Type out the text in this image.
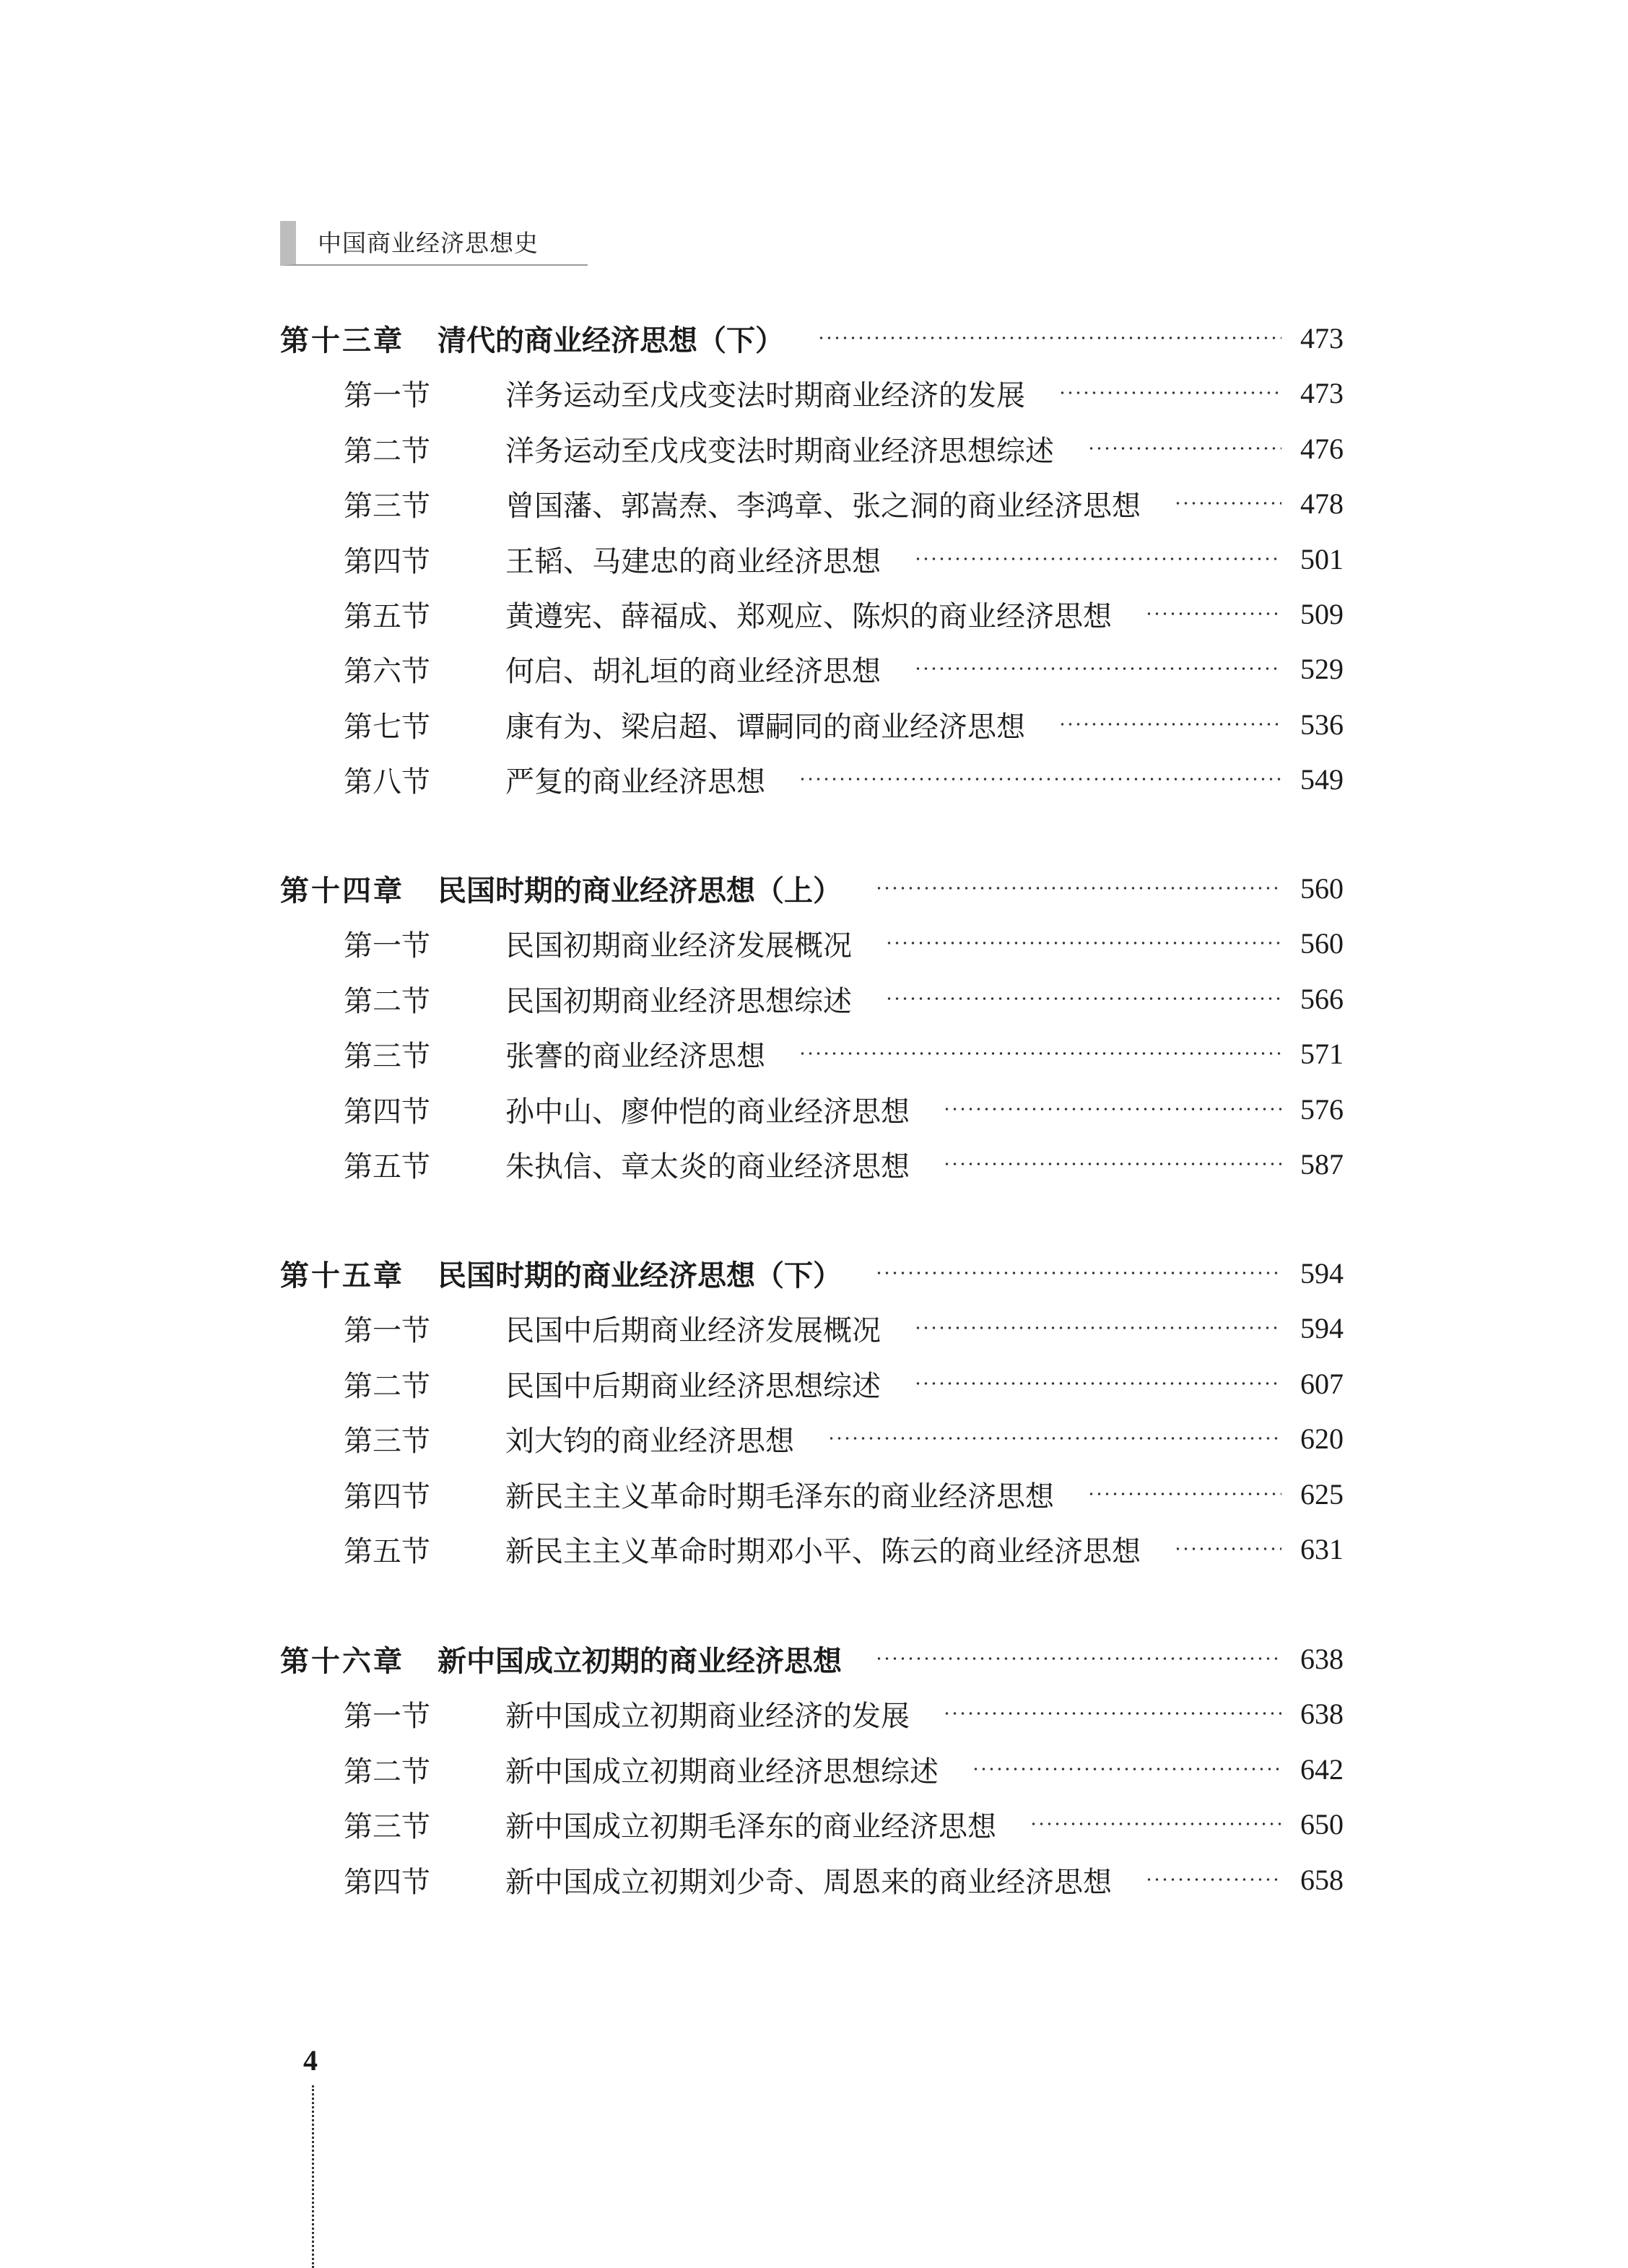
中国商业经济思想史
第十三章 清代的商业经济思想（下）	473
第一节	洋务运动至戊戌变法时期商业经济的发展	473
第二节	洋务运动至戊戌变法时期商业经济思想综述	476
第三节	曾国藩、郭嵩焘、李鸿章、张之洞的商业经济思想	478
第四节	王韬、马建忠的商业经济思想	501
第五节	黄遵宪、薛福成、郑观应、陈炽的商业经济思想	509
第六节	何启、胡礼垣的商业经济思想	529
第七节	康有为、梁启超、谭嗣同的商业经济思想	536
第八节	严复的商业经济思想	549
第十四章 民国时期的商业经济思想（上）	560
第一节	民国初期商业经济发展概况	560
第二节	民国初期商业经济思想综述	566
第三节	张謇的商业经济思想	571
第四节	孙中山、廖仲恺的商业经济思想	576
第五节	朱执信、章太炎的商业经济思想	587
第十五章 民国时期的商业经济思想（下）	594
第一节	民国中后期商业经济发展概况	594
第二节	民国中后期商业经济思想综述	607
第三节	刘大钧的商业经济思想	620
第四节	新民主主义革命时期毛泽东的商业经济思想	625
第五节	新民主主义革命时期邓小平、陈云的商业经济思想	631
第十六章 新中国成立初期的商业经济思想	638
第一节	新中国成立初期商业经济的发展	638
第二节	新中国成立初期商业经济思想综述	642
第三节	新中国成立初期毛泽东的商业经济思想	650
第四节	新中国成立初期刘少奇、周恩来的商业经济思想	658
4
